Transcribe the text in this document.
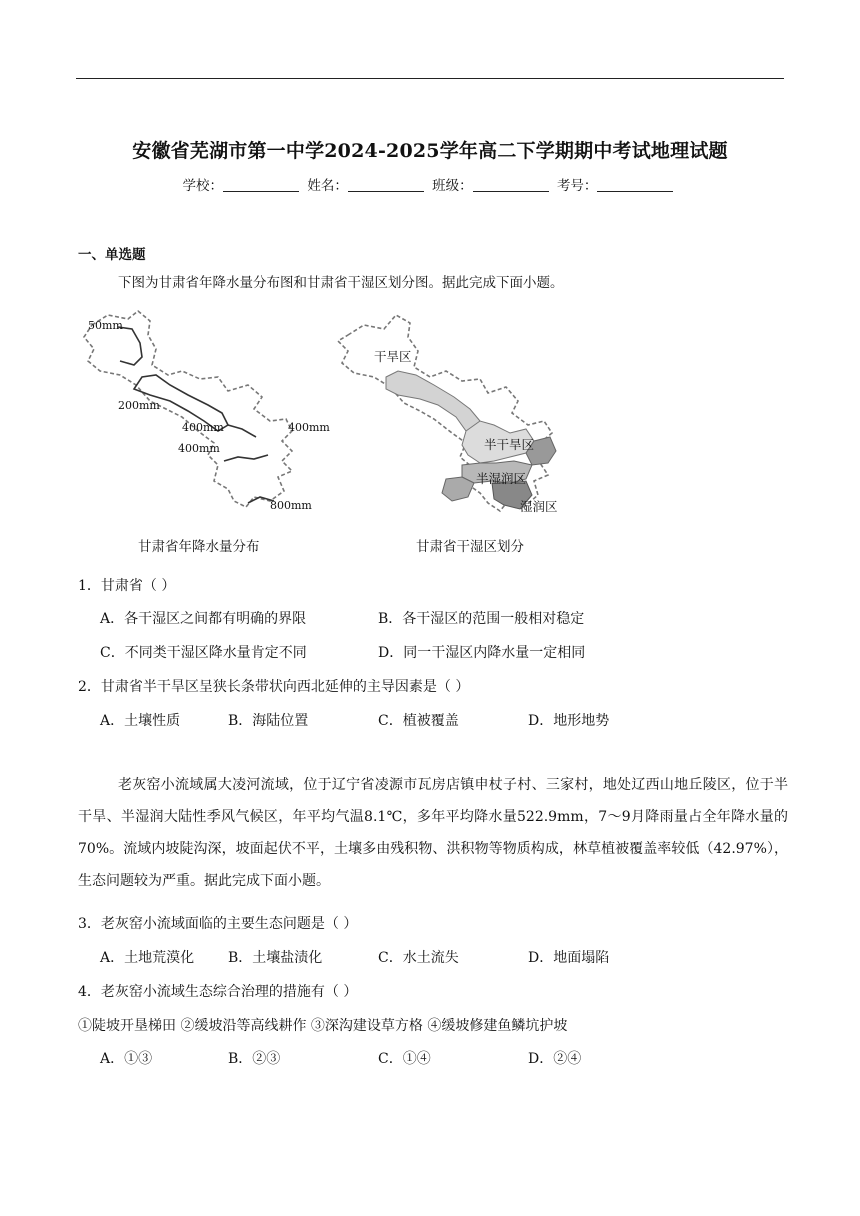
安徽省芜湖市第一中学2024-2025学年高二下学期期中考试地理试题
学校：	姓名：	班级：	考号：
一、单选题
下图为甘肃省年降水量分布图和甘肃省干湿区划分图。据此完成下面小题。
50mm
200mm
400mm	400mm
400mm
800mm
甘肃省年降水量分布
干旱区
半干旱区
半湿润区
湿润区
甘肃省干湿区划分
1．甘肃省（ ）
A．各干湿区之间都有明确的界限	B．各干湿区的范围一般相对稳定
C．不同类干湿区降水量肯定不同	D．同一干湿区内降水量一定相同
2．甘肃省半干旱区呈狭长条带状向西北延伸的主导因素是（ ）
A．土壤性质	B．海陆位置	C．植被覆盖	D．地形地势
老灰窑小流域属大凌河流域，位于辽宁省凌源市瓦房店镇申杖子村、三家村，地处辽西山地丘陵区，位于半干旱、半湿润大陆性季风气候区，年平均气温8.1℃，多年平均降水量522.9mm，7～9月降雨量占全年降水量的70%。流域内坡陡沟深，坡面起伏不平，土壤多由残积物、洪积物等物质构成，林草植被覆盖率较低（42.97%），生态问题较为严重。据此完成下面小题。
3．老灰窑小流域面临的主要生态问题是（ ）
A．土地荒漠化 B．土壤盐渍化	C．水土流失	D．地面塌陷
4．老灰窑小流域生态综合治理的措施有（ ）
①陡坡开垦梯田 ②缓坡沿等高线耕作 ③深沟建设草方格 ④缓坡修建鱼鳞坑护坡
A．①③	B．②③	C．①④	D．②④
